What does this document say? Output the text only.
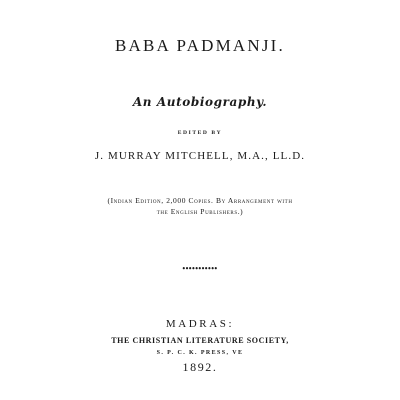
BABA PADMANJI.

An Autobiography.

EDITED BY

J. MURRAY MITCHELL, M.A., LL.D.

(Indian Edition, 2,000 Copies. By Arrangement with
the English Publishers.)

•••••••••••

MADRAS:

THE CHRISTIAN LITERATURE SOCIETY,

S. P. C. K. PRESS, VE

1892.
